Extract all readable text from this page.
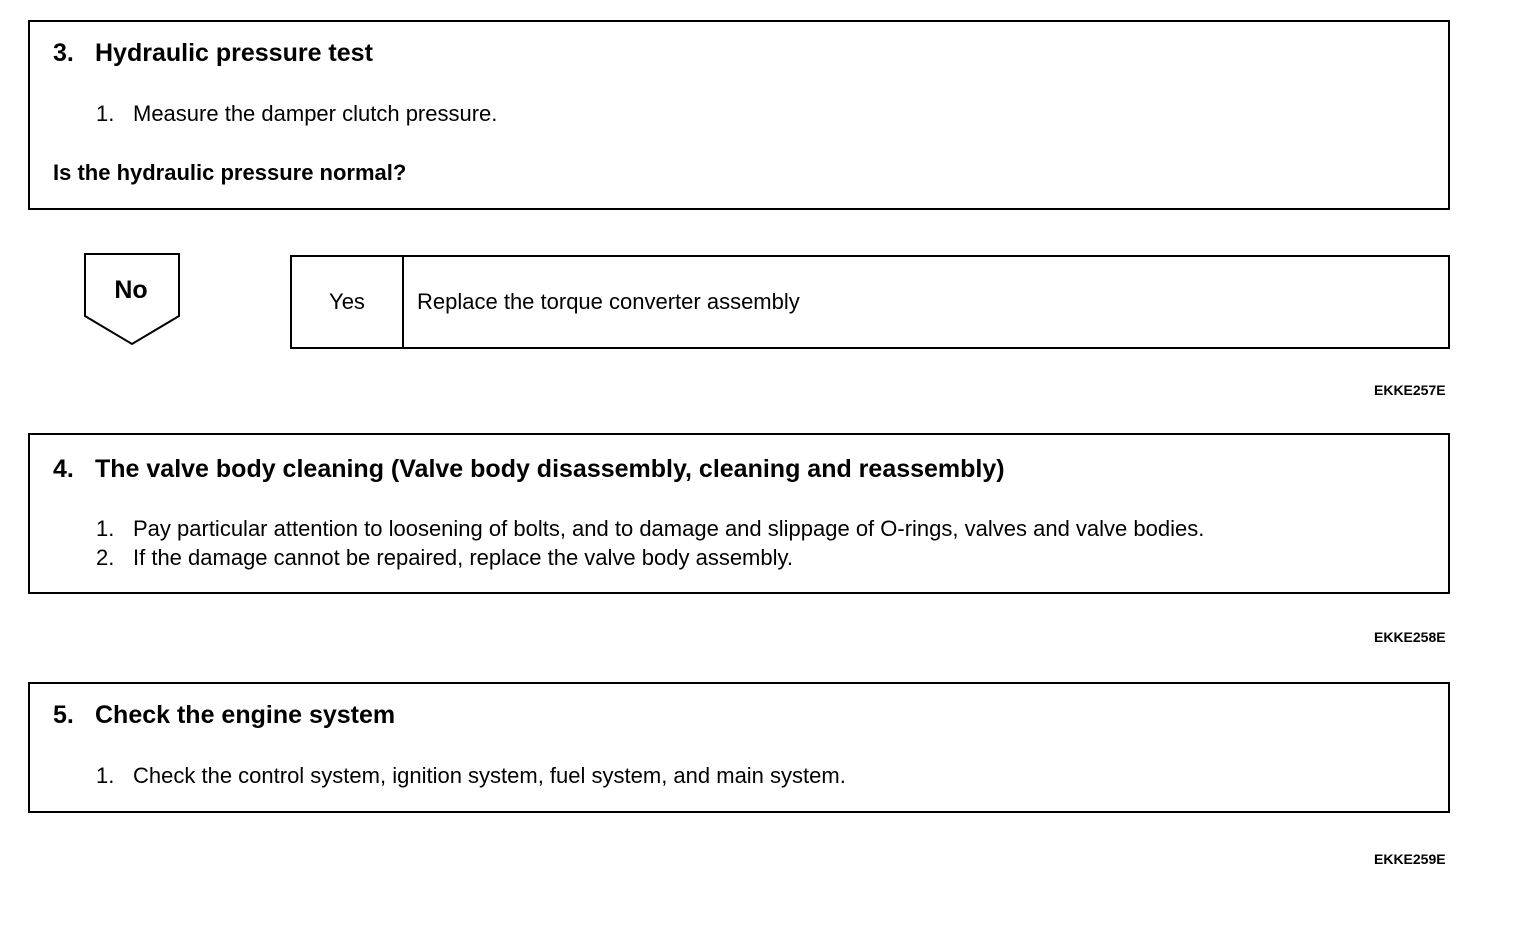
3. Hydraulic pressure test
1. Measure the damper clutch pressure.
Is the hydraulic pressure normal?
No	Yes	Replace the torque converter assembly
EKKE257E
4. The valve body cleaning (Valve body disassembly, cleaning and reassembly)
1. Pay particular attention to loosening of bolts, and to damage and slippage of O-rings, valves and valve bodies.
2. If the damage cannot be repaired, replace the valve body assembly.
EKKE258E
5. Check the engine system
1. Check the control system, ignition system, fuel system, and main system.
EKKE259E
